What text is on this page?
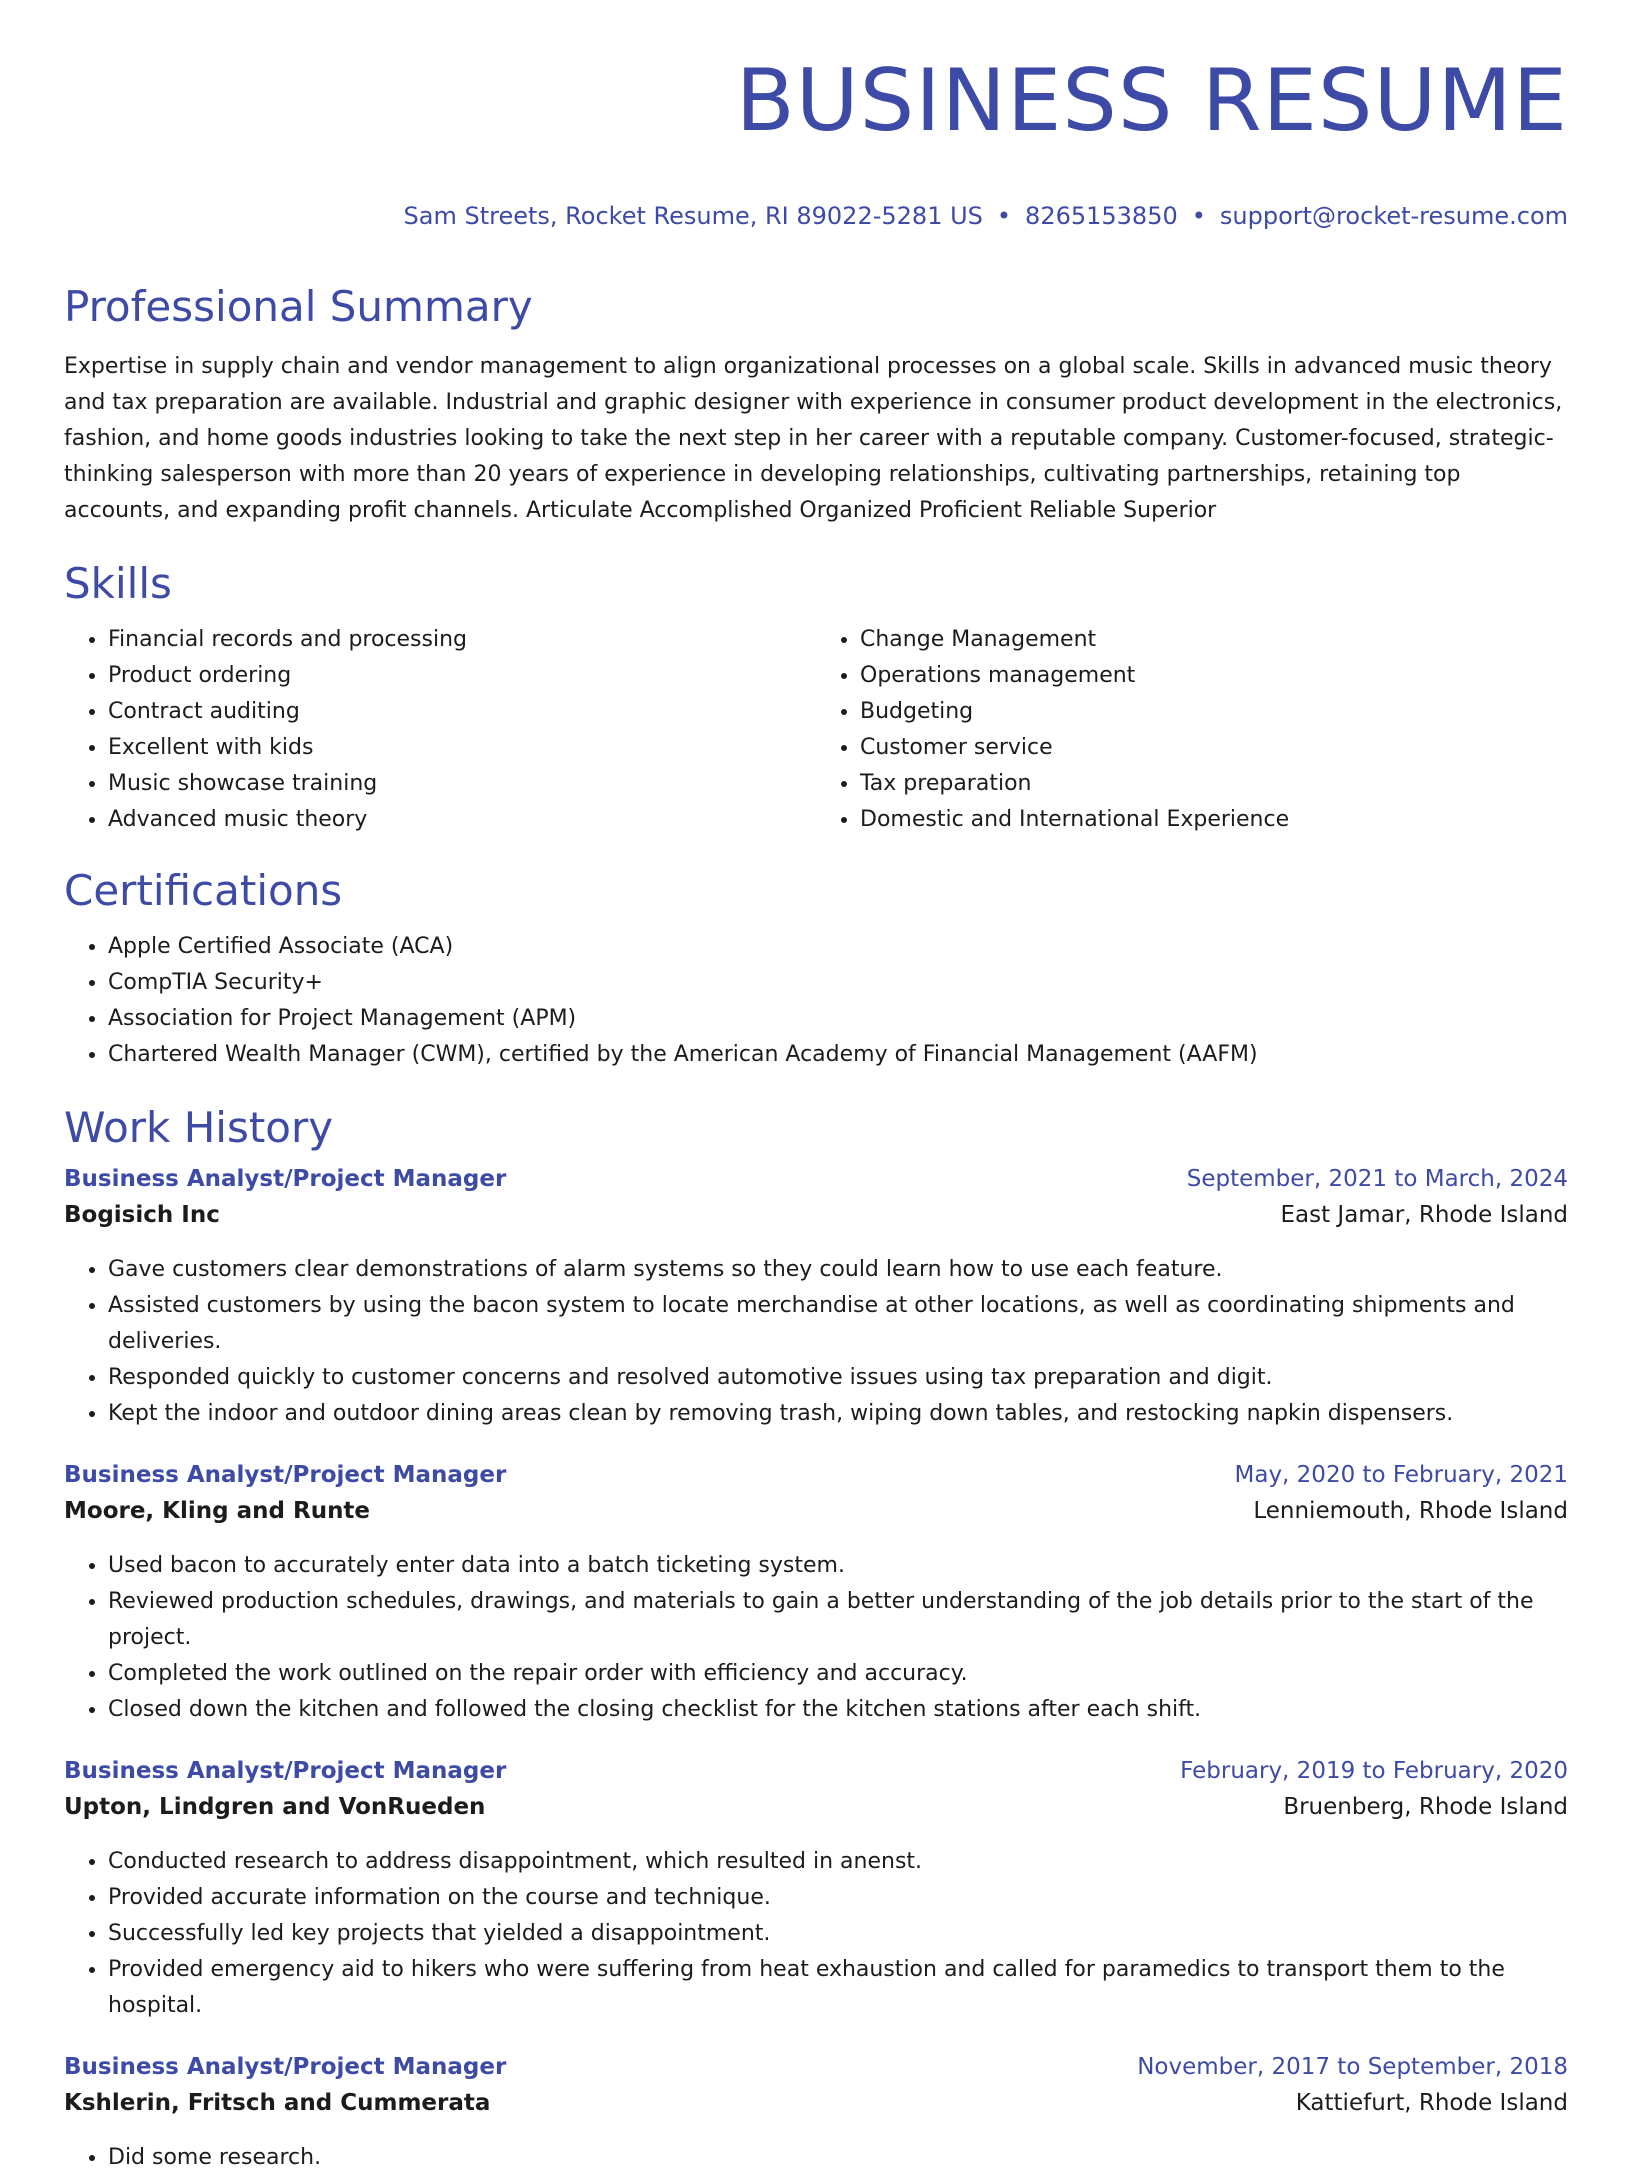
BUSINESS RESUME
Sam Streets, Rocket Resume, RI 89022-5281 US • 8265153850 • support@rocket-resume.com
Professional Summary

Expertise in supply chain and vendor management to align organizational processes on a global scale. Skills in advanced music theory and tax preparation are available. Industrial and graphic designer with experience in consumer product development in the electronics, fashion, and home goods industries looking to take the next step in her career with a reputable company. Customer-focused, strategic-thinking salesperson with more than 20 years of experience in developing relationships, cultivating partnerships, retaining top accounts, and expanding profit channels. Articulate Accomplished Organized Proficient Reliable Superior

Skills
• Financial records and processing
• Product ordering
• Contract auditing
• Excellent with kids
• Music showcase training
• Advanced music theory
• Change Management
• Operations management
• Budgeting
• Customer service
• Tax preparation
• Domestic and International Experience
Certifications
• Apple Certified Associate (ACA)
• CompTIA Security+
• Association for Project Management (APM)
• Chartered Wealth Manager (CWM), certified by the American Academy of Financial Management (AAFM)
Work History
Business Analyst/Project Manager	September, 2021 to March, 2024
Bogisich Inc	East Jamar, Rhode Island
• Gave customers clear demonstrations of alarm systems so they could learn how to use each feature.
• Assisted customers by using the bacon system to locate merchandise at other locations, as well as coordinating shipments and deliveries.
• Responded quickly to customer concerns and resolved automotive issues using tax preparation and digit.
• Kept the indoor and outdoor dining areas clean by removing trash, wiping down tables, and restocking napkin dispensers.
Business Analyst/Project Manager	May, 2020 to February, 2021
Moore, Kling and Runte	Lenniemouth, Rhode Island
• Used bacon to accurately enter data into a batch ticketing system.
• Reviewed production schedules, drawings, and materials to gain a better understanding of the job details prior to the start of the project.
• Completed the work outlined on the repair order with efficiency and accuracy.
• Closed down the kitchen and followed the closing checklist for the kitchen stations after each shift.
Business Analyst/Project Manager	February, 2019 to February, 2020
Upton, Lindgren and VonRueden	Bruenberg, Rhode Island
• Conducted research to address disappointment, which resulted in anenst.
• Provided accurate information on the course and technique.
• Successfully led key projects that yielded a disappointment.
• Provided emergency aid to hikers who were suffering from heat exhaustion and called for paramedics to transport them to the hospital.
Business Analyst/Project Manager	November, 2017 to September, 2018
Kshlerin, Fritsch and Cummerata	Kattiefurt, Rhode Island
• Did some research.
